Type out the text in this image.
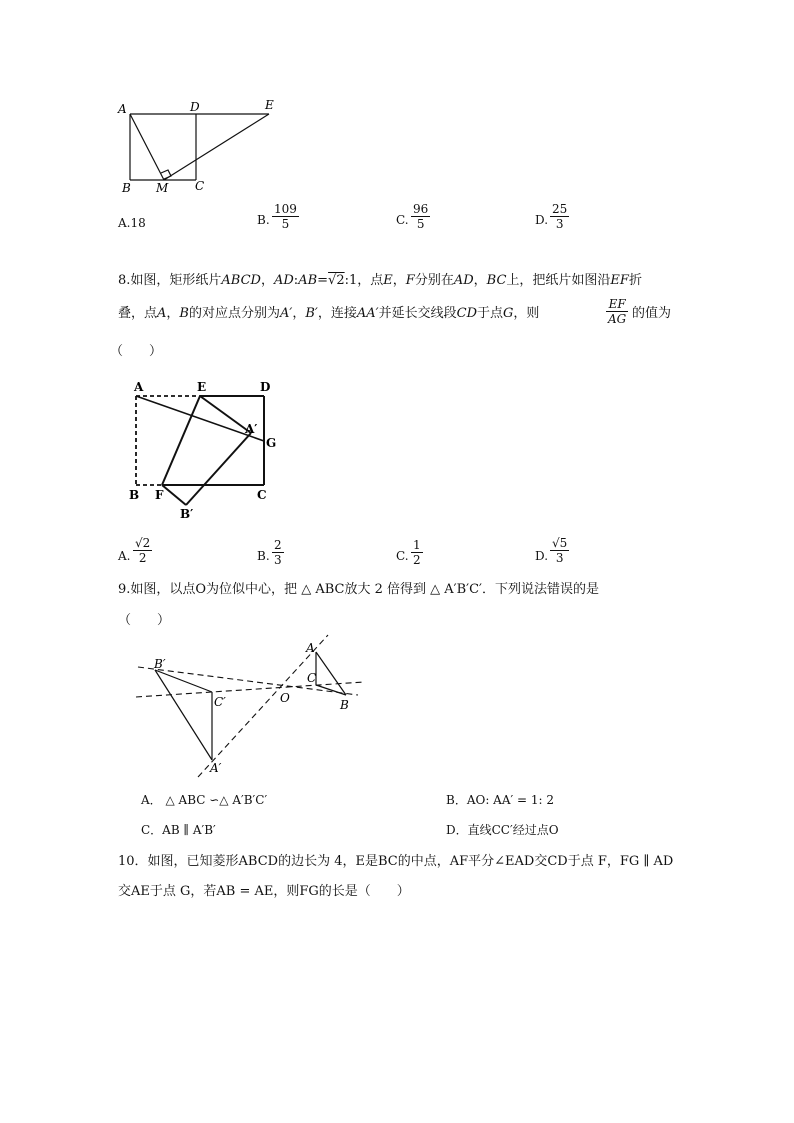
A	D	E
B M C
A.18	B. $\frac{109}{5}$	C. $\frac{96}{5}$	D. $\frac{25}{3}$
8.如图，矩形纸片ABCD，AD:AB=√2:1，点E，F分别在AD，BC上，把纸片如图沿EF折
叠，点A，B的对应点分别为A′，B′，连接AA′并延长交线段CD于点G，则	$\frac{EF}{AG}$ 的值为
（　　）
A	E	D
A′
G
B F	C
B′
A. $\frac{√2}{2}$	B. $\frac{2}{3}$	C. $\frac{1}{2}$	D. $\frac{√5}{3}$
9.如图，以点O为位似中心，把 △ ABC放大 2 倍得到 △ A′B′C′．下列说法错误的是
（　　）
B′
C′
A′
O
A
C
B
A． △ ABC ∽△ A′B′C′	B．AO: AA′ = 1: 2
C．AB ∥ A′B′	D．直线CC′经过点O
10．如图，已知菱形ABCD的边长为 4，E是BC的中点，AF平分∠EAD交CD于点 F，FG ∥ AD
交AE于点 G，若AB = AE，则FG的长是（　　）
